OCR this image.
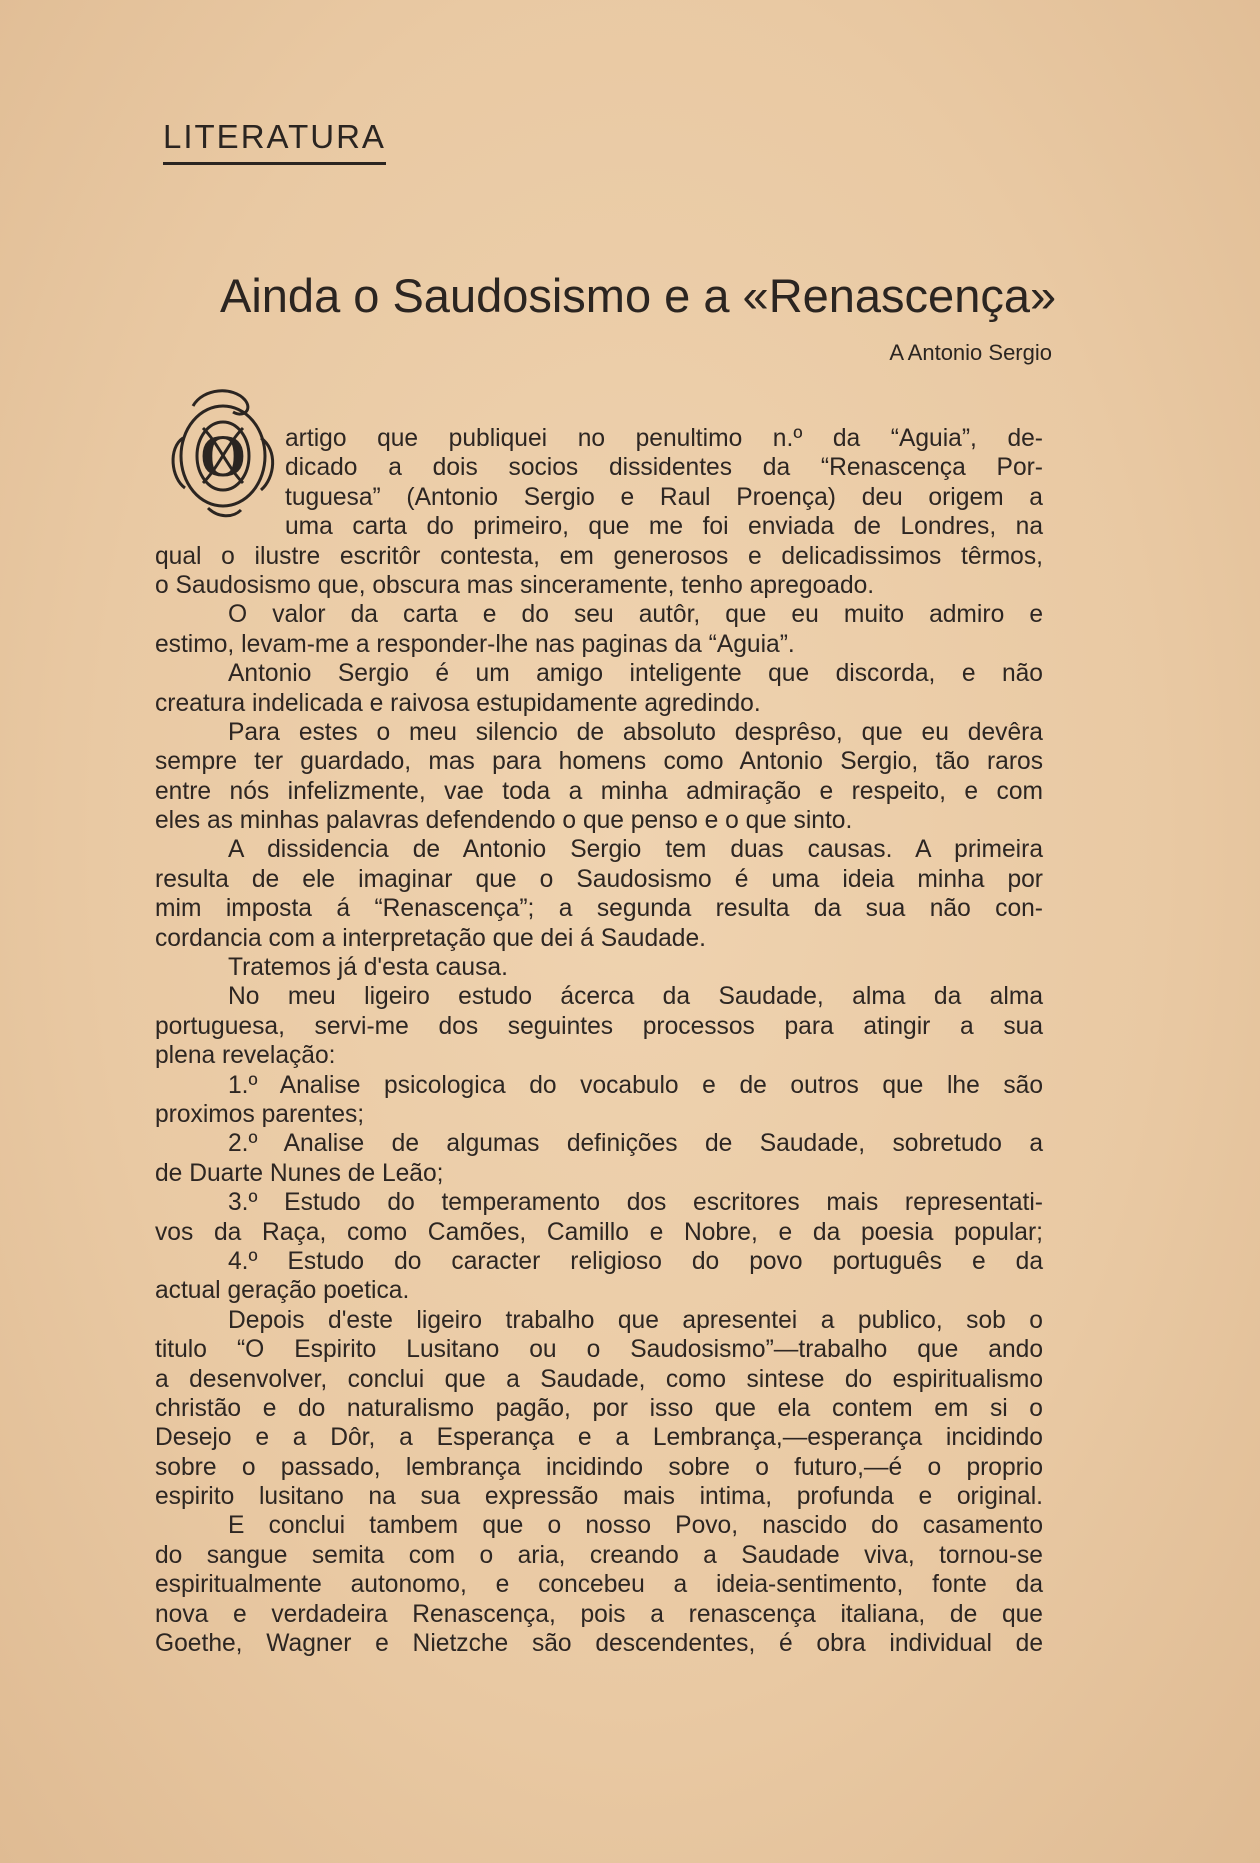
LITERATURA
Ainda o Saudosismo e a «Renascença»
A Antonio Sergio
O	artigo que publiquei no penultimo n.º da “Aguia”, de-
dicado a dois socios dissidentes da “Renascença Por-
tuguesa” (Antonio Sergio e Raul Proença) deu origem a
uma carta do primeiro, que me foi enviada de Londres, na
qual o ilustre escritôr contesta, em generosos e delicadissimos têrmos,
o Saudosismo que, obscura mas sinceramente, tenho apregoado.
O valor da carta e do seu autôr, que eu muito admiro e
estimo, levam-me a responder-lhe nas paginas da “Aguia”.
Antonio Sergio é um amigo inteligente que discorda, e não
creatura indelicada e raivosa estupidamente agredindo.
Para estes o meu silencio de absoluto desprêso, que eu devêra
sempre ter guardado, mas para homens como Antonio Sergio, tão raros
entre nós infelizmente, vae toda a minha admiração e respeito, e com
eles as minhas palavras defendendo o que penso e o que sinto.
A dissidencia de Antonio Sergio tem duas causas. A primeira
resulta de ele imaginar que o Saudosismo é uma ideia minha por
mim imposta á “Renascença”; a segunda resulta da sua não con-
cordancia com a interpretação que dei á Saudade.
Tratemos já d'esta causa.
No meu ligeiro estudo ácerca da Saudade, alma da alma
portuguesa, servi-me dos seguintes processos para atingir a sua
plena revelação:
1.º Analise psicologica do vocabulo e de outros que lhe são
proximos parentes;
2.º Analise de algumas definições de Saudade, sobretudo a
de Duarte Nunes de Leão;
3.º Estudo do temperamento dos escritores mais representati-
vos da Raça, como Camões, Camillo e Nobre, e da poesia popular;
4.º Estudo do caracter religioso do povo português e da
actual geração poetica.
Depois d'este ligeiro trabalho que apresentei a publico, sob o
titulo “O Espirito Lusitano ou o Saudosismo”—trabalho que ando
a desenvolver, conclui que a Saudade, como sintese do espiritualismo
christão e do naturalismo pagão, por isso que ela contem em si o
Desejo e a Dôr, a Esperança e a Lembrança,—esperança incidindo
sobre o passado, lembrança incidindo sobre o futuro,—é o proprio
espirito lusitano na sua expressão mais intima, profunda e original.
E conclui tambem que o nosso Povo, nascido do casamento
do sangue semita com o aria, creando a Saudade viva, tornou-se
espiritualmente autonomo, e concebeu a ideia-sentimento, fonte da
nova e verdadeira Renascença, pois a renascença italiana, de que
Goethe, Wagner e Nietzche são descendentes, é obra individual de
